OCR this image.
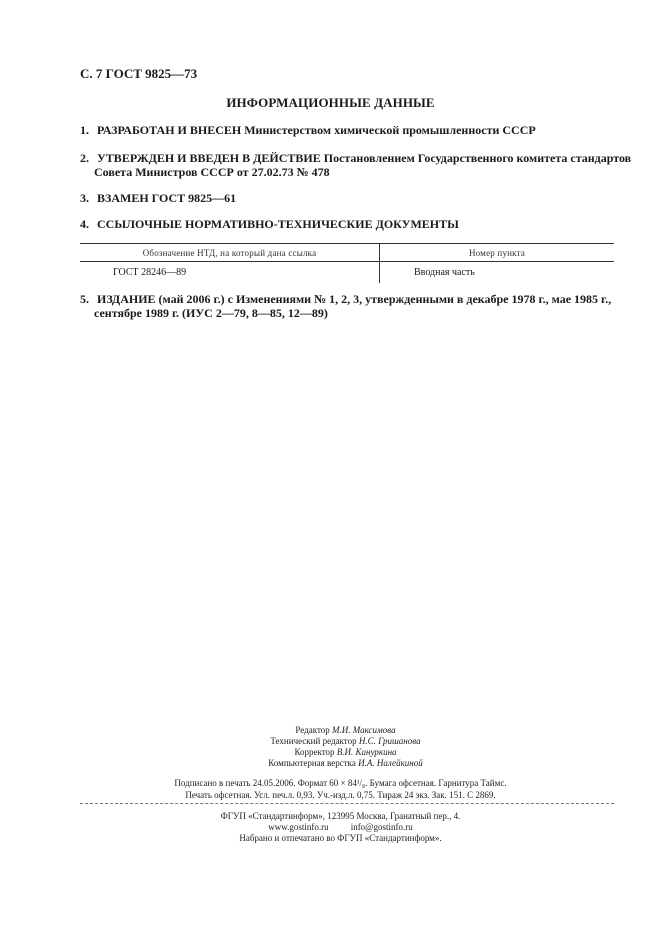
С. 7 ГОСТ 9825—73
ИНФОРМАЦИОННЫЕ ДАННЫЕ
1. РАЗРАБОТАН И ВНЕСЕН Министерством химической промышленности СССР
2. УТВЕРЖДЕН И ВВЕДЕН В ДЕЙСТВИЕ Постановлением Государственного комитета стандартов
Совета Министров СССР от 27.02.73 № 478
3. ВЗАМЕН ГОСТ 9825—61
4. ССЫЛОЧНЫЕ НОРМАТИВНО-ТЕХНИЧЕСКИЕ ДОКУМЕНТЫ
Обозначение НТД, на который дана ссылка	Номер пункта
ГОСТ 28246—89	Вводная часть
5. ИЗДАНИЕ (май 2006 г.) с Изменениями № 1, 2, 3, утвержденными в декабре 1978 г., мае 1985 г.,
сентябре 1989 г. (ИУС 2—79, 8—85, 12—89)
Редактор М.И. Максимова
Технический редактор Н.С. Гришанова
Корректор В.И. Кануркина
Компьютерная верстка И.А. Налейкиной
Подписано в печать 24.05.2006. Формат 60 × 84¹/₈. Бумага офсетная. Гарнитура Таймс.
Печать офсетная. Усл. печ.л. 0,93. Уч.-изд.л. 0,75. Тираж 24 экз. Зак. 151. С 2869.
ФГУП «Стандартинформ», 123995 Москва, Гранатный пер., 4.
www.gostinfo.ru info@gostinfo.ru
Набрано и отпечатано во ФГУП «Стандартинформ».
